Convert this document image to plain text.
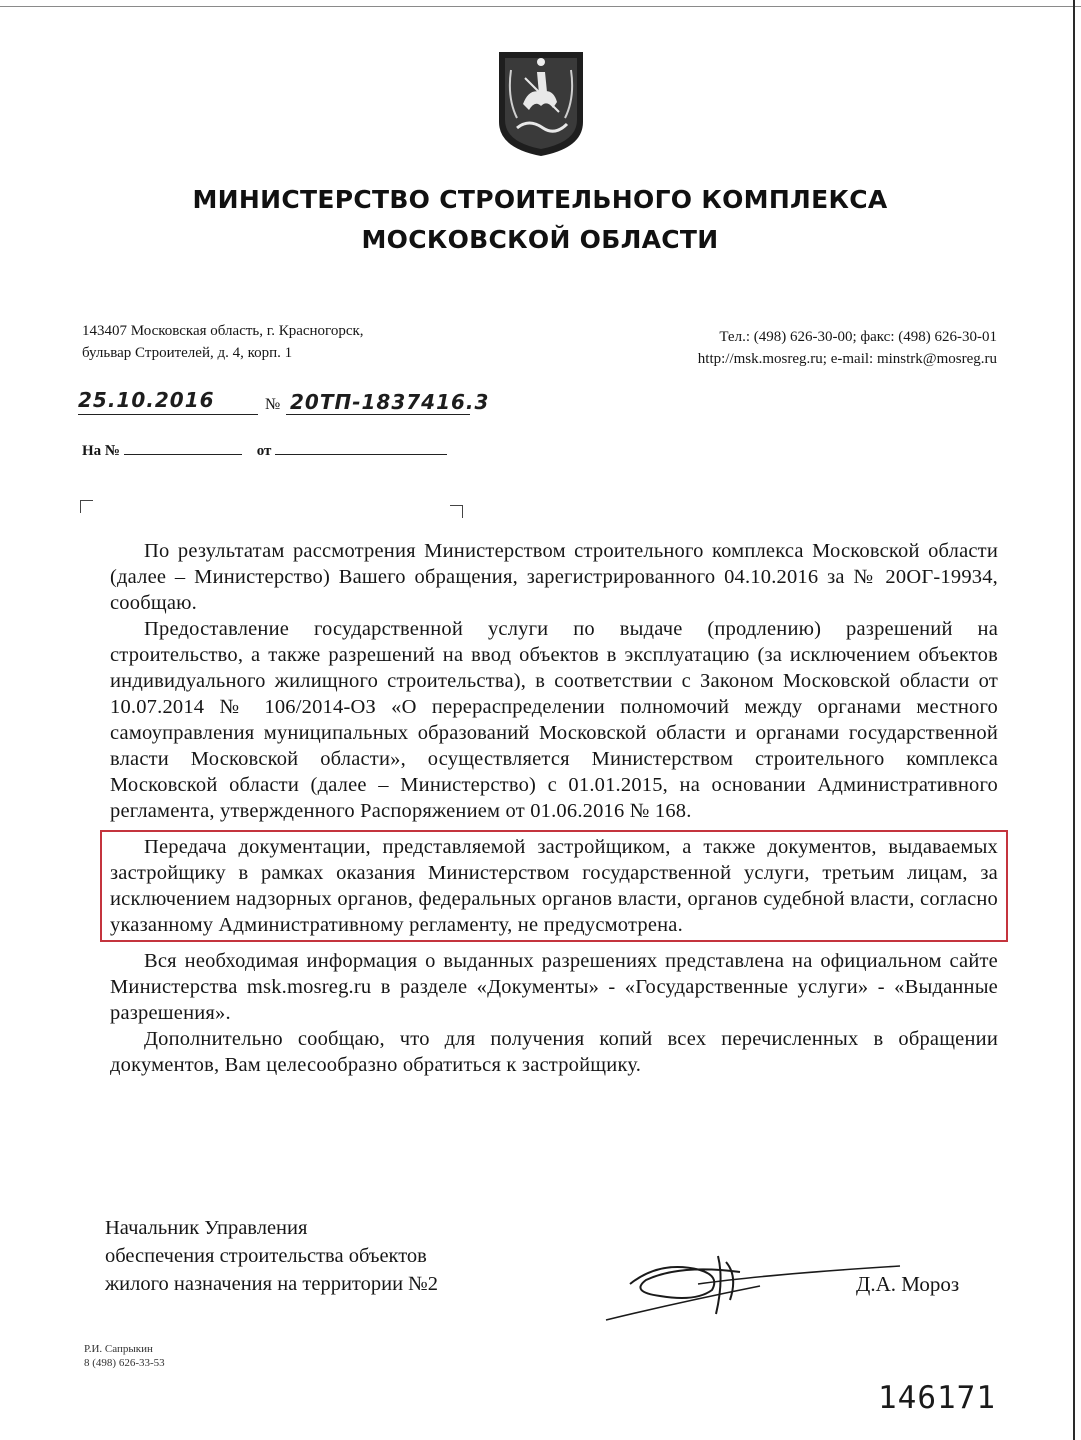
МИНИСТЕРСТВО СТРОИТЕЛЬНОГО КОМПЛЕКСА
МОСКОВСКОЙ ОБЛАСТИ
143407 Московская область, г. Красногорск,
бульвар Строителей, д. 4, корп. 1
Тел.: (498) 626-30-00; факс: (498) 626-30-01
http://msk.mosreg.ru; e-mail: minstrk@mosreg.ru
25.10.2016	№ 20ТП-1837416.3
На №	от

По результатам рассмотрения Министерством строительного комплекса Московской области (далее – Министерство) Вашего обращения, зарегистрированного 04.10.2016 за № 20ОГ-19934, сообщаю.

Предоставление государственной услуги по выдаче (продлению) разрешений на строительство, а также разрешений на ввод объектов в эксплуатацию (за исключением объектов индивидуального жилищного строительства), в соответствии с Законом Московской области от 10.07.2014 № 106/2014-ОЗ «О перераспределении полномочий между органами местного самоуправления муниципальных образований Московской области и органами государственной власти Московской области», осуществляется Министерством строительного комплекса Московской области (далее – Министерство) с 01.01.2015, на основании Административного регламента, утвержденного Распоряжением от 01.06.2016 № 168.

Передача документации, представляемой застройщиком, а также документов, выдаваемых застройщику в рамках оказания Министерством государственной услуги, третьим лицам, за исключением надзорных органов, федеральных органов власти, органов судебной власти, согласно указанному Административному регламенту, не предусмотрена.

Вся необходимая информация о выданных разрешениях представлена на официальном сайте Министерства msk.mosreg.ru в разделе «Документы» - «Государственные услуги» - «Выданные разрешения».

Дополнительно сообщаю, что для получения копий всех перечисленных в обращении документов, Вам целесообразно обратиться к застройщику.

Начальник Управления
обеспечения строительства объектов
жилого назначения на территории №2	Д.А. Мороз
Р.И. Сапрыкин
8 (498) 626-33-53
146171
